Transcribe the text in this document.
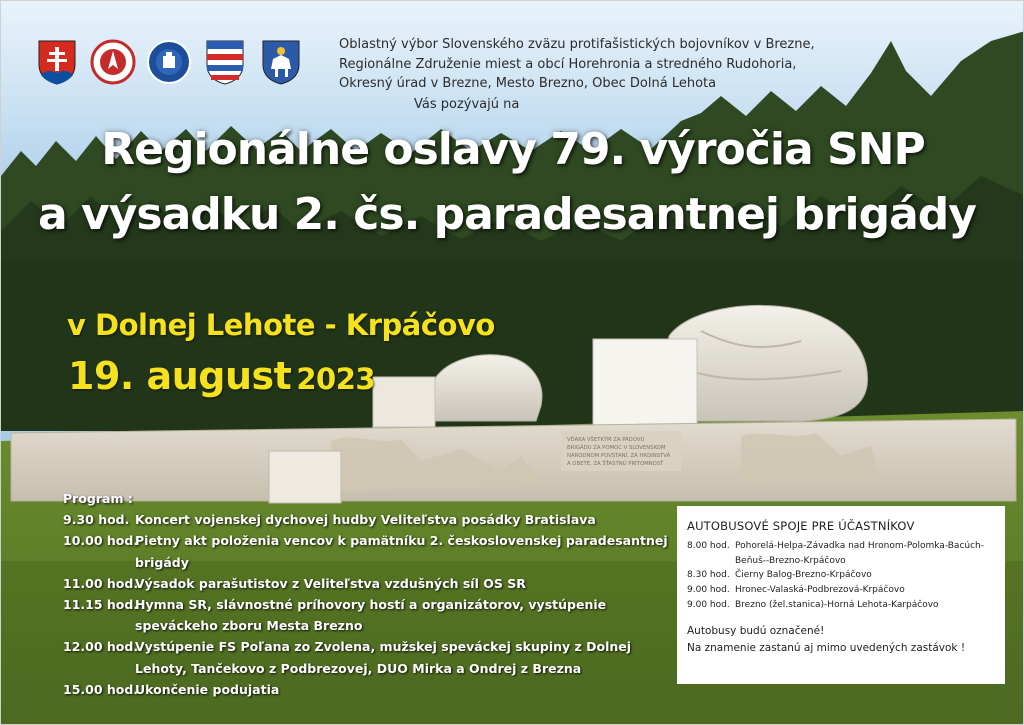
VĎAKA VŠETKÝM ZA PÁDOVÚ
BRIGÁDU ZA POMOC V SLOVENSKOM
NÁRODNOM POVSTANÍ, ZA HRDINSTVÁ
A OBETE, ZA ŠŤASTNÚ PRÍTOMNOSŤ
Oblastný výbor Slovenského zväzu protifašistických bojovníkov v Brezne,
Regionálne Združenie miest a obcí Horehronia a stredného Rudohoria,
Okresný úrad v Brezne, Mesto Brezno, Obec Dolná Lehota
Vás pozývajú na
Regionálne oslavy 79. výročia SNP
a výsadku 2. čs. paradesantnej brigády
v Dolnej Lehote - Krpáčovo
19. august 2023
Program :
9.30 hod. Koncert vojenskej dychovej hudby Veliteľstva posádky Bratislava
10.00 hod.
Pietny akt položenia vencov k pamätníku 2. československej paradesantnej brigády
11.00 hod.
Výsadok parašutistov z Veliteľstva vzdušných síl OS SR
11.15 hod.
Hymna SR, slávnostné príhovory hostí a organizátorov, vystúpenie speváckeho zboru Mesta Brezno
12.00 hod.
Vystúpenie FS Poľana zo Zvolena, mužskej speváckej skupiny z Dolnej Lehoty, Tančekovo z Podbrezovej, DUO Mirka a Ondrej z Brezna
15.00 hod.
Ukončenie podujatia
AUTOBUSOVÉ SPOJE PRE ÚČASTNÍKOV
8.00 hod. Pohorelá-Helpa-Závadka nad Hronom-Polomka-Bacúch-Beňuš--Brezno-Krpáčovo
8.30 hod. Čierny Balog-Brezno-Krpáčovo
9.00 hod. Hronec-Valaská-Podbrezová-Krpáčovo
9.00 hod. Brezno (žel.stanica)-Horná Lehota-Karpáčovo
Autobusy budú označené!
Na znamenie zastanú aj mimo uvedených zastávok !
